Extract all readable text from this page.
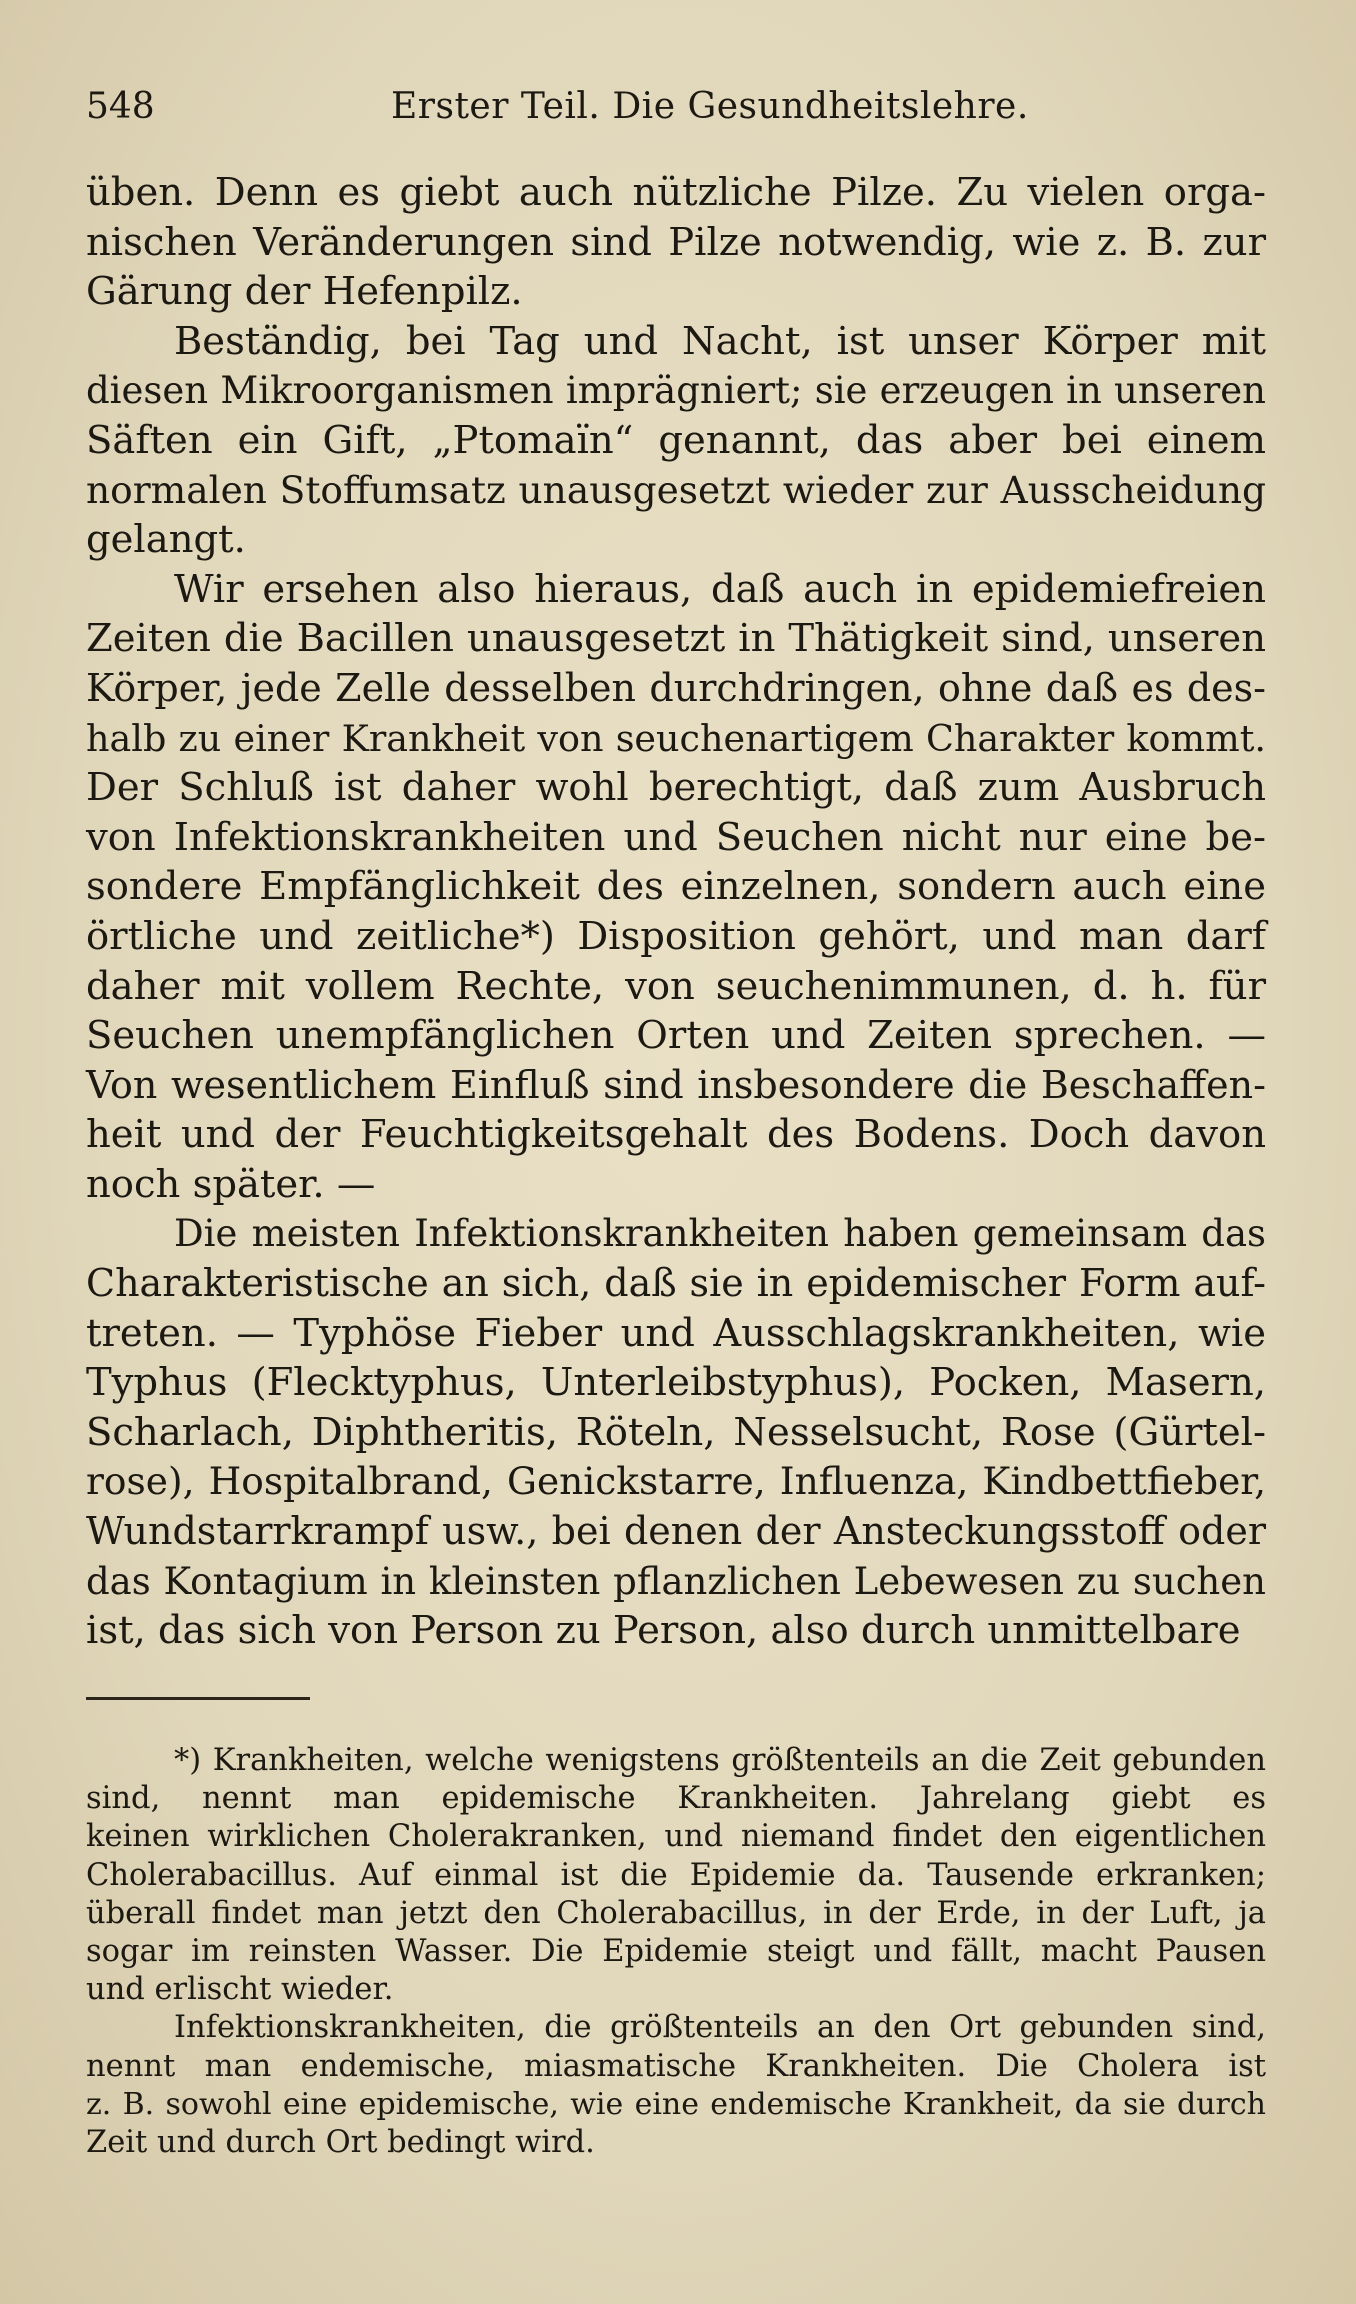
548	Erster Teil. Die Gesundheitslehre.
üben. Denn es giebt auch nützliche Pilze. Zu vielen orga-
nischen Veränderungen sind Pilze notwendig, wie z. B. zur
Gärung der Hefenpilz.
Beständig, bei Tag und Nacht, ist unser Körper mit
diesen Mikroorganismen imprägniert; sie erzeugen in unseren
Säften ein Gift, „Ptomaïn“ genannt, das aber bei einem
normalen Stoffumsatz unausgesetzt wieder zur Ausscheidung
gelangt.
Wir ersehen also hieraus, daß auch in epidemiefreien
Zeiten die Bacillen unausgesetzt in Thätigkeit sind, unseren
Körper, jede Zelle desselben durchdringen, ohne daß es des-
halb zu einer Krankheit von seuchenartigem Charakter kommt.
Der Schluß ist daher wohl berechtigt, daß zum Ausbruch
von Infektionskrankheiten und Seuchen nicht nur eine be-
sondere Empfänglichkeit des einzelnen, sondern auch eine
örtliche und zeitliche*) Disposition gehört, und man darf
daher mit vollem Rechte, von seuchenimmunen, d. h. für
Seuchen unempfänglichen Orten und Zeiten sprechen. —
Von wesentlichem Einfluß sind insbesondere die Beschaffen-
heit und der Feuchtigkeitsgehalt des Bodens. Doch davon
noch später. —
Die meisten Infektionskrankheiten haben gemeinsam das
Charakteristische an sich, daß sie in epidemischer Form auf-
treten. — Typhöse Fieber und Ausschlagskrankheiten, wie
Typhus (Flecktyphus, Unterleibstyphus), Pocken, Masern,
Scharlach, Diphtheritis, Röteln, Nesselsucht, Rose (Gürtel-
rose), Hospitalbrand, Genickstarre, Influenza, Kindbettfieber,
Wundstarrkrampf usw., bei denen der Ansteckungsstoff oder
das Kontagium in kleinsten pflanzlichen Lebewesen zu suchen
ist, das sich von Person zu Person, also durch unmittelbare
*) Krankheiten, welche wenigstens größtenteils an die Zeit gebunden
sind, nennt man epidemische Krankheiten. Jahrelang giebt es
keinen wirklichen Cholerakranken, und niemand findet den eigentlichen
Cholerabacillus. Auf einmal ist die Epidemie da. Tausende erkranken;
überall findet man jetzt den Cholerabacillus, in der Erde, in der Luft, ja
sogar im reinsten Wasser. Die Epidemie steigt und fällt, macht Pausen
und erlischt wieder.
Infektionskrankheiten, die größtenteils an den Ort gebunden sind,
nennt man endemische, miasmatische Krankheiten. Die Cholera ist
z. B. sowohl eine epidemische, wie eine endemische Krankheit, da sie durch
Zeit und durch Ort bedingt wird.
